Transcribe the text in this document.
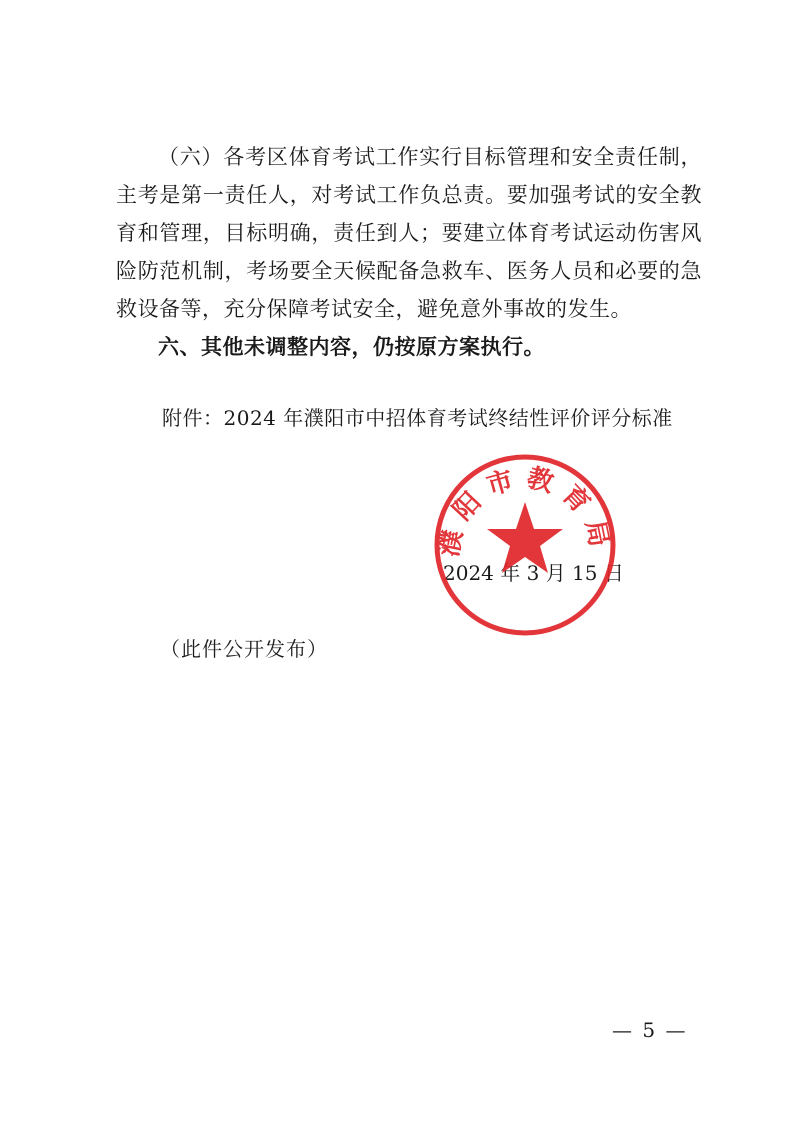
（六）各考区体育考试工作实行目标管理和安全责任制，主考是第一责任人，对考试工作负总责。要加强考试的安全教育和管理，目标明确，责任到人；要建立体育考试运动伤害风险防范机制，考场要全天候配备急救车、医务人员和必要的急救设备等，充分保障考试安全，避免意外事故的发生。
六、其他未调整内容，仍按原方案执行。
附件：2024 年濮阳市中招体育考试终结性评价评分标准
2024 年 3 月 15 日
濮阳市教育局
（此件公开发布）
— 5 —
